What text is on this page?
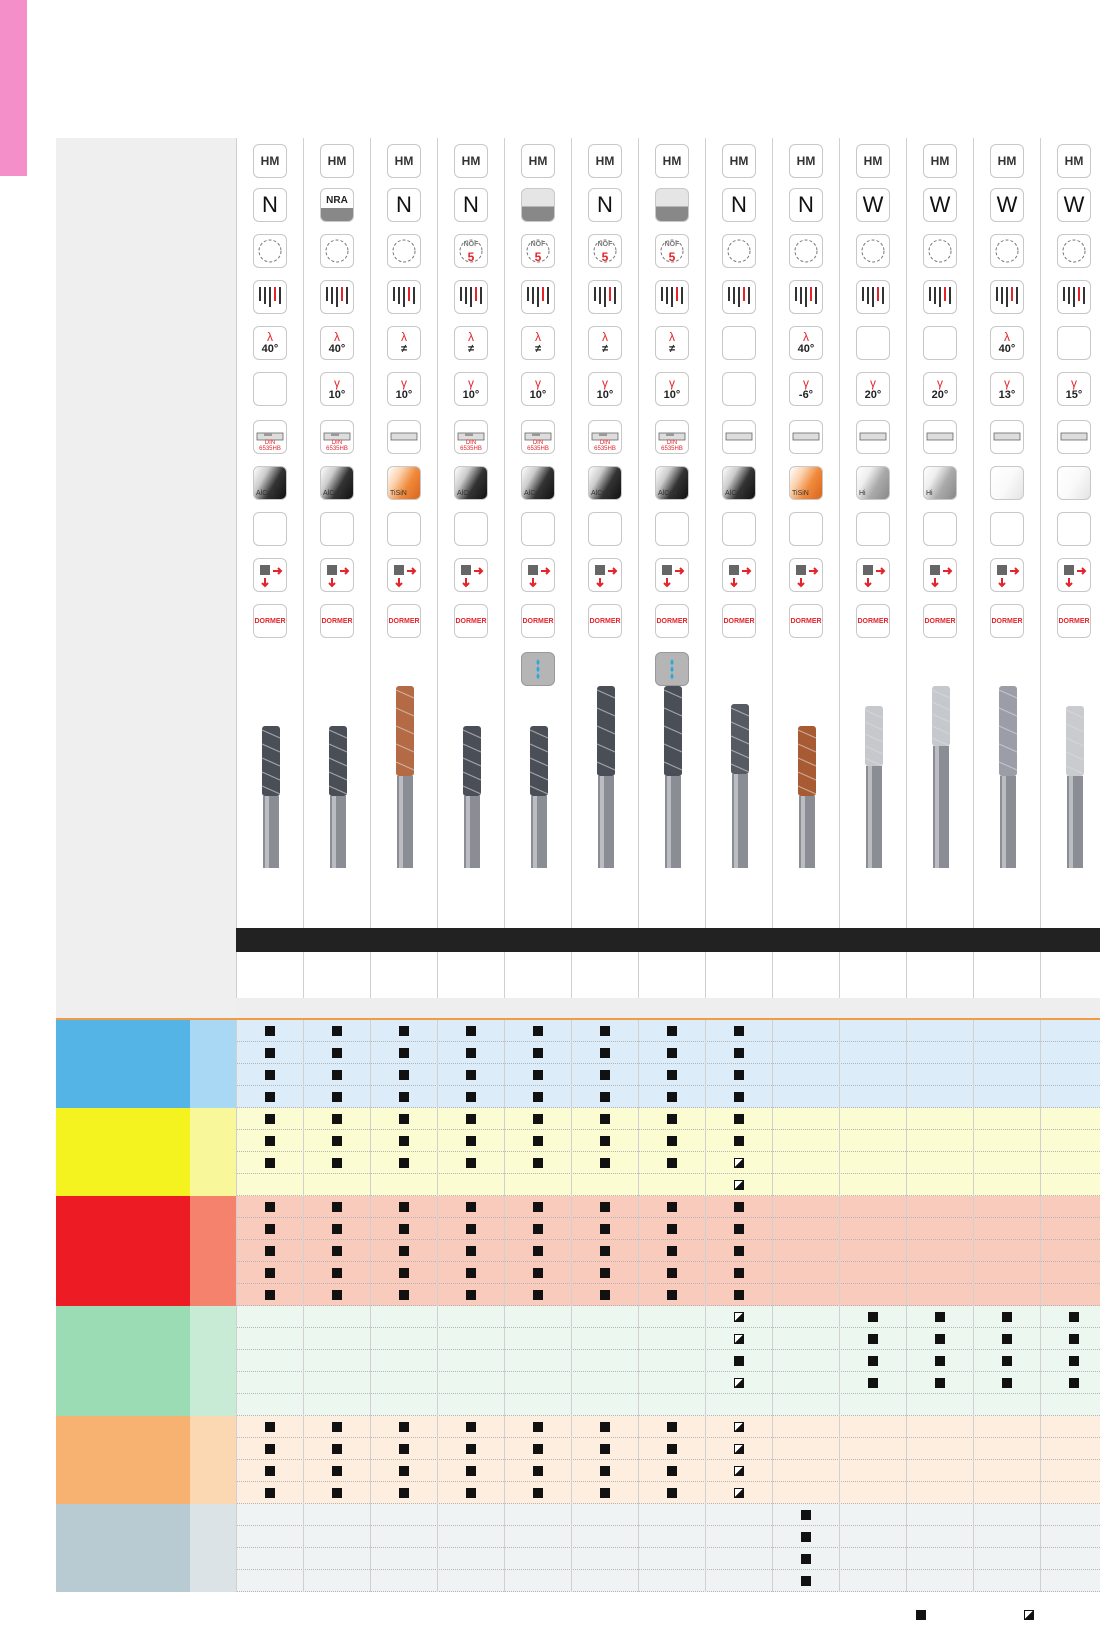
HM
N
λ
40°
DIN 6535HB
AlCrN
DORMER
HM
NRA
λ
40°
γ
10°
DIN 6535HB
AlCrN
DORMER
HM
N
λ
≠
γ
10°
TiSiN
DORMER
HM
N
NOF
5
λ
≠
γ
10°
DIN 6535HB
AlCrN
DORMER
HM
NOF
5
λ
≠
γ
10°
DIN 6535HB
AlCrN
DORMER
HM
N
NOF
5
λ
≠
γ
10°
DIN 6535HB
AlCrN
DORMER
HM
NOF
5
λ
≠
γ
10°
DIN 6535HB
AlCrN
DORMER
HM
N
AlCrN
DORMER
HM
N
λ
40°
γ
-6°
TiSiN
DORMER
HM
W
γ
20°
Hi
DORMER
HM
W
γ
20°
Hi
DORMER
HM
W
λ
40°
γ
13°
DORMER
HM
W
γ
15°
DORMER
